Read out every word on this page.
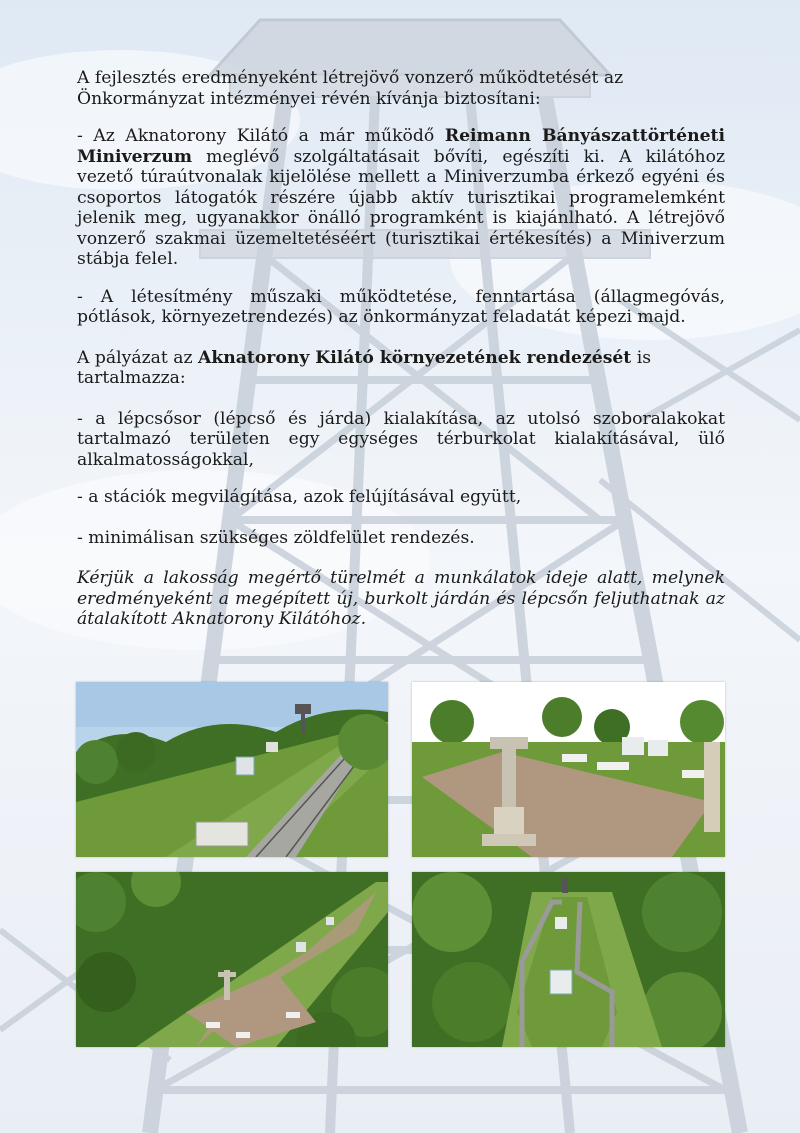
A fejlesztés eredményeként létrejövő vonzerő működtetését az Önkormányzat intézményei révén kívánja biztosítani:

- Az Aknatorony Kilátó a már működő Reimann Bányászattörténeti Miniverzum meglévő szolgáltatásait bővíti, egészíti ki. A kilátóhoz vezető túraútvonalak kijelölése mellett a Miniverzumba érkező egyéni és csoportos látogatók részére újabb aktív turisztikai programelemként jelenik meg, ugyanakkor önálló programként is kiajánlható. A létrejövő vonzerő szakmai üzemeltetéséért (turisztikai értékesítés) a Miniverzum stábja felel.

- A létesítmény műszaki működtetése, fenntartása (állagmegóvás, pótlások, környezetrendezés) az önkormányzat feladatát képezi majd.

A pályázat az Aknatorony Kilátó környezetének rendezését is tartalmazza:

- a lépcsősor (lépcső és járda) kialakítása, az utolsó szoboralakokat tartalmazó területen egy egységes térburkolat kialakításával, ülő alkalmatosságokkal,

- a stációk megvilágítása, azok felújításával együtt,

- minimálisan szükséges zöldfelület rendezés.

Kérjük a lakosság megértő türelmét a munkálatok ideje alatt, melynek eredményeként a megépített új, burkolt járdán és lépcsőn feljuthatnak az átalakított Aknatorony Kilátóhoz.
